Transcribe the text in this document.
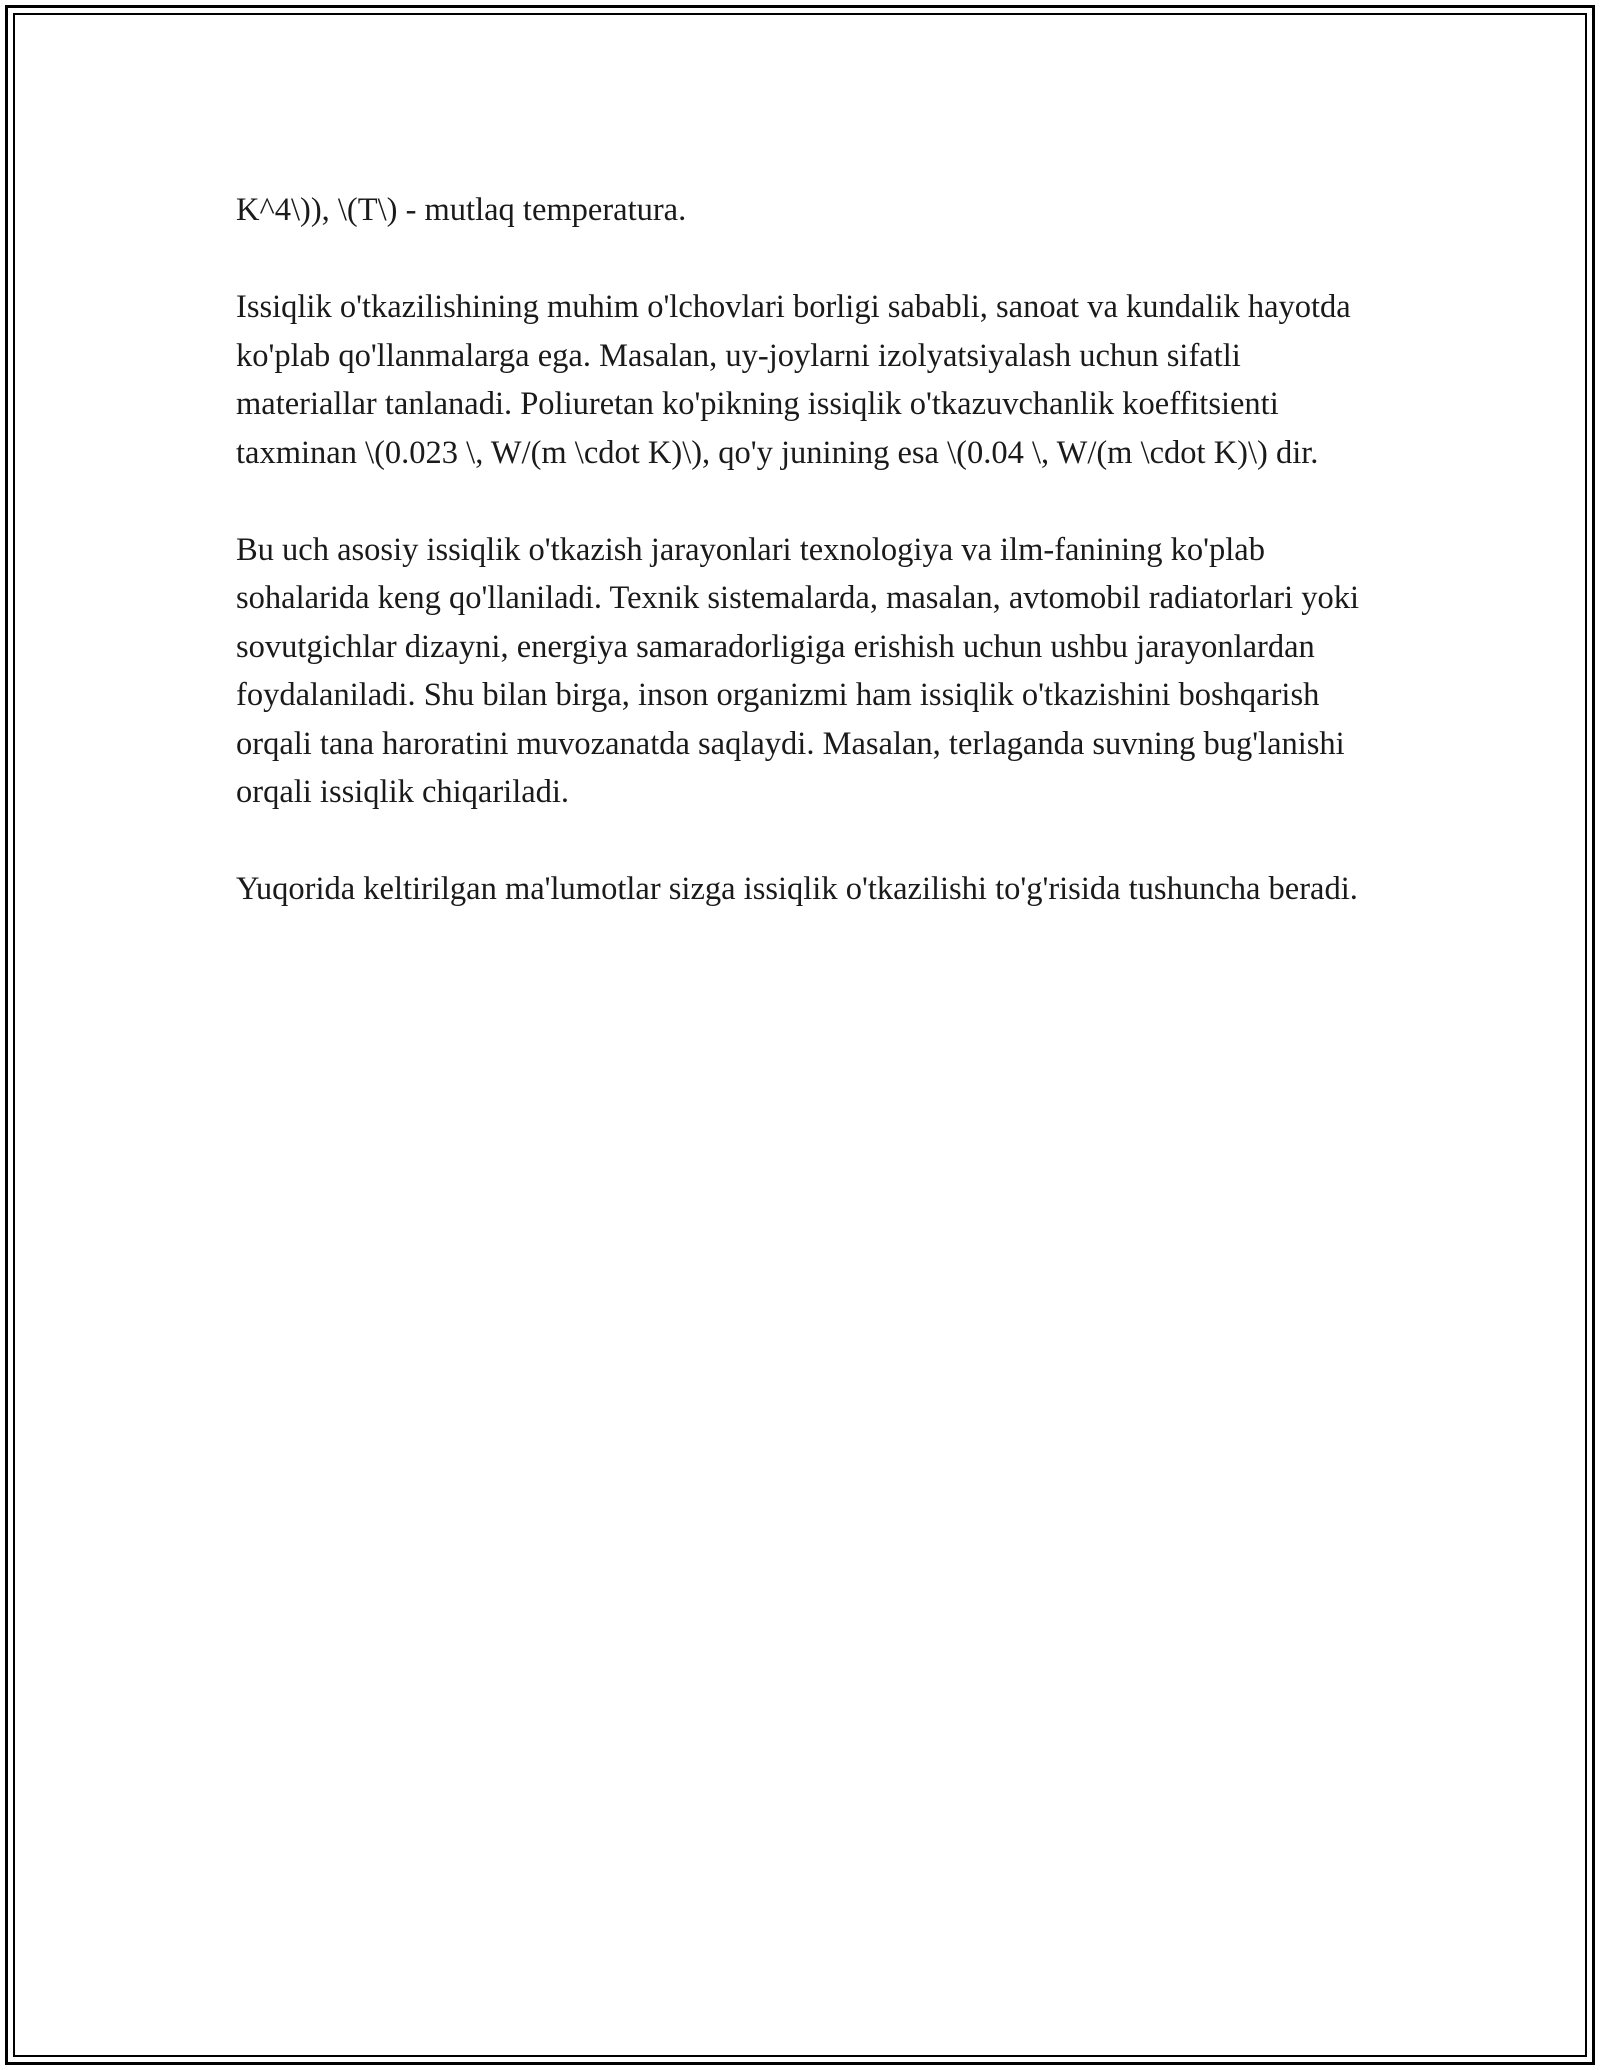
K^4\)), \(T\) - mutlaq temperatura.

Issiqlik o'tkazilishining muhim o'lchovlari borligi sababli, sanoat va kundalik hayotda ko'plab qo'llanmalarga ega. Masalan, uy-joylarni izolyatsiyalash uchun sifatli materiallar tanlanadi. Poliuretan ko'pikning issiqlik o'tkazuvchanlik koeffitsienti taxminan \(0.023 \, W/(m \cdot K)\), qo'y junining esa \(0.04 \, W/(m \cdot K)\) dir.

Bu uch asosiy issiqlik o'tkazish jarayonlari texnologiya va ilm-fanining ko'plab sohalarida keng qo'llaniladi. Texnik sistemalarda, masalan, avtomobil radiatorlari yoki sovutgichlar dizayni, energiya samaradorligiga erishish uchun ushbu jarayonlardan foydalaniladi. Shu bilan birga, inson organizmi ham issiqlik o'tkazishini boshqarish orqali tana haroratini muvozanatda saqlaydi. Masalan, terlaganda suvning bug'lanishi orqali issiqlik chiqariladi.

Yuqorida keltirilgan ma'lumotlar sizga issiqlik o'tkazilishi to'g'risida tushuncha beradi.
